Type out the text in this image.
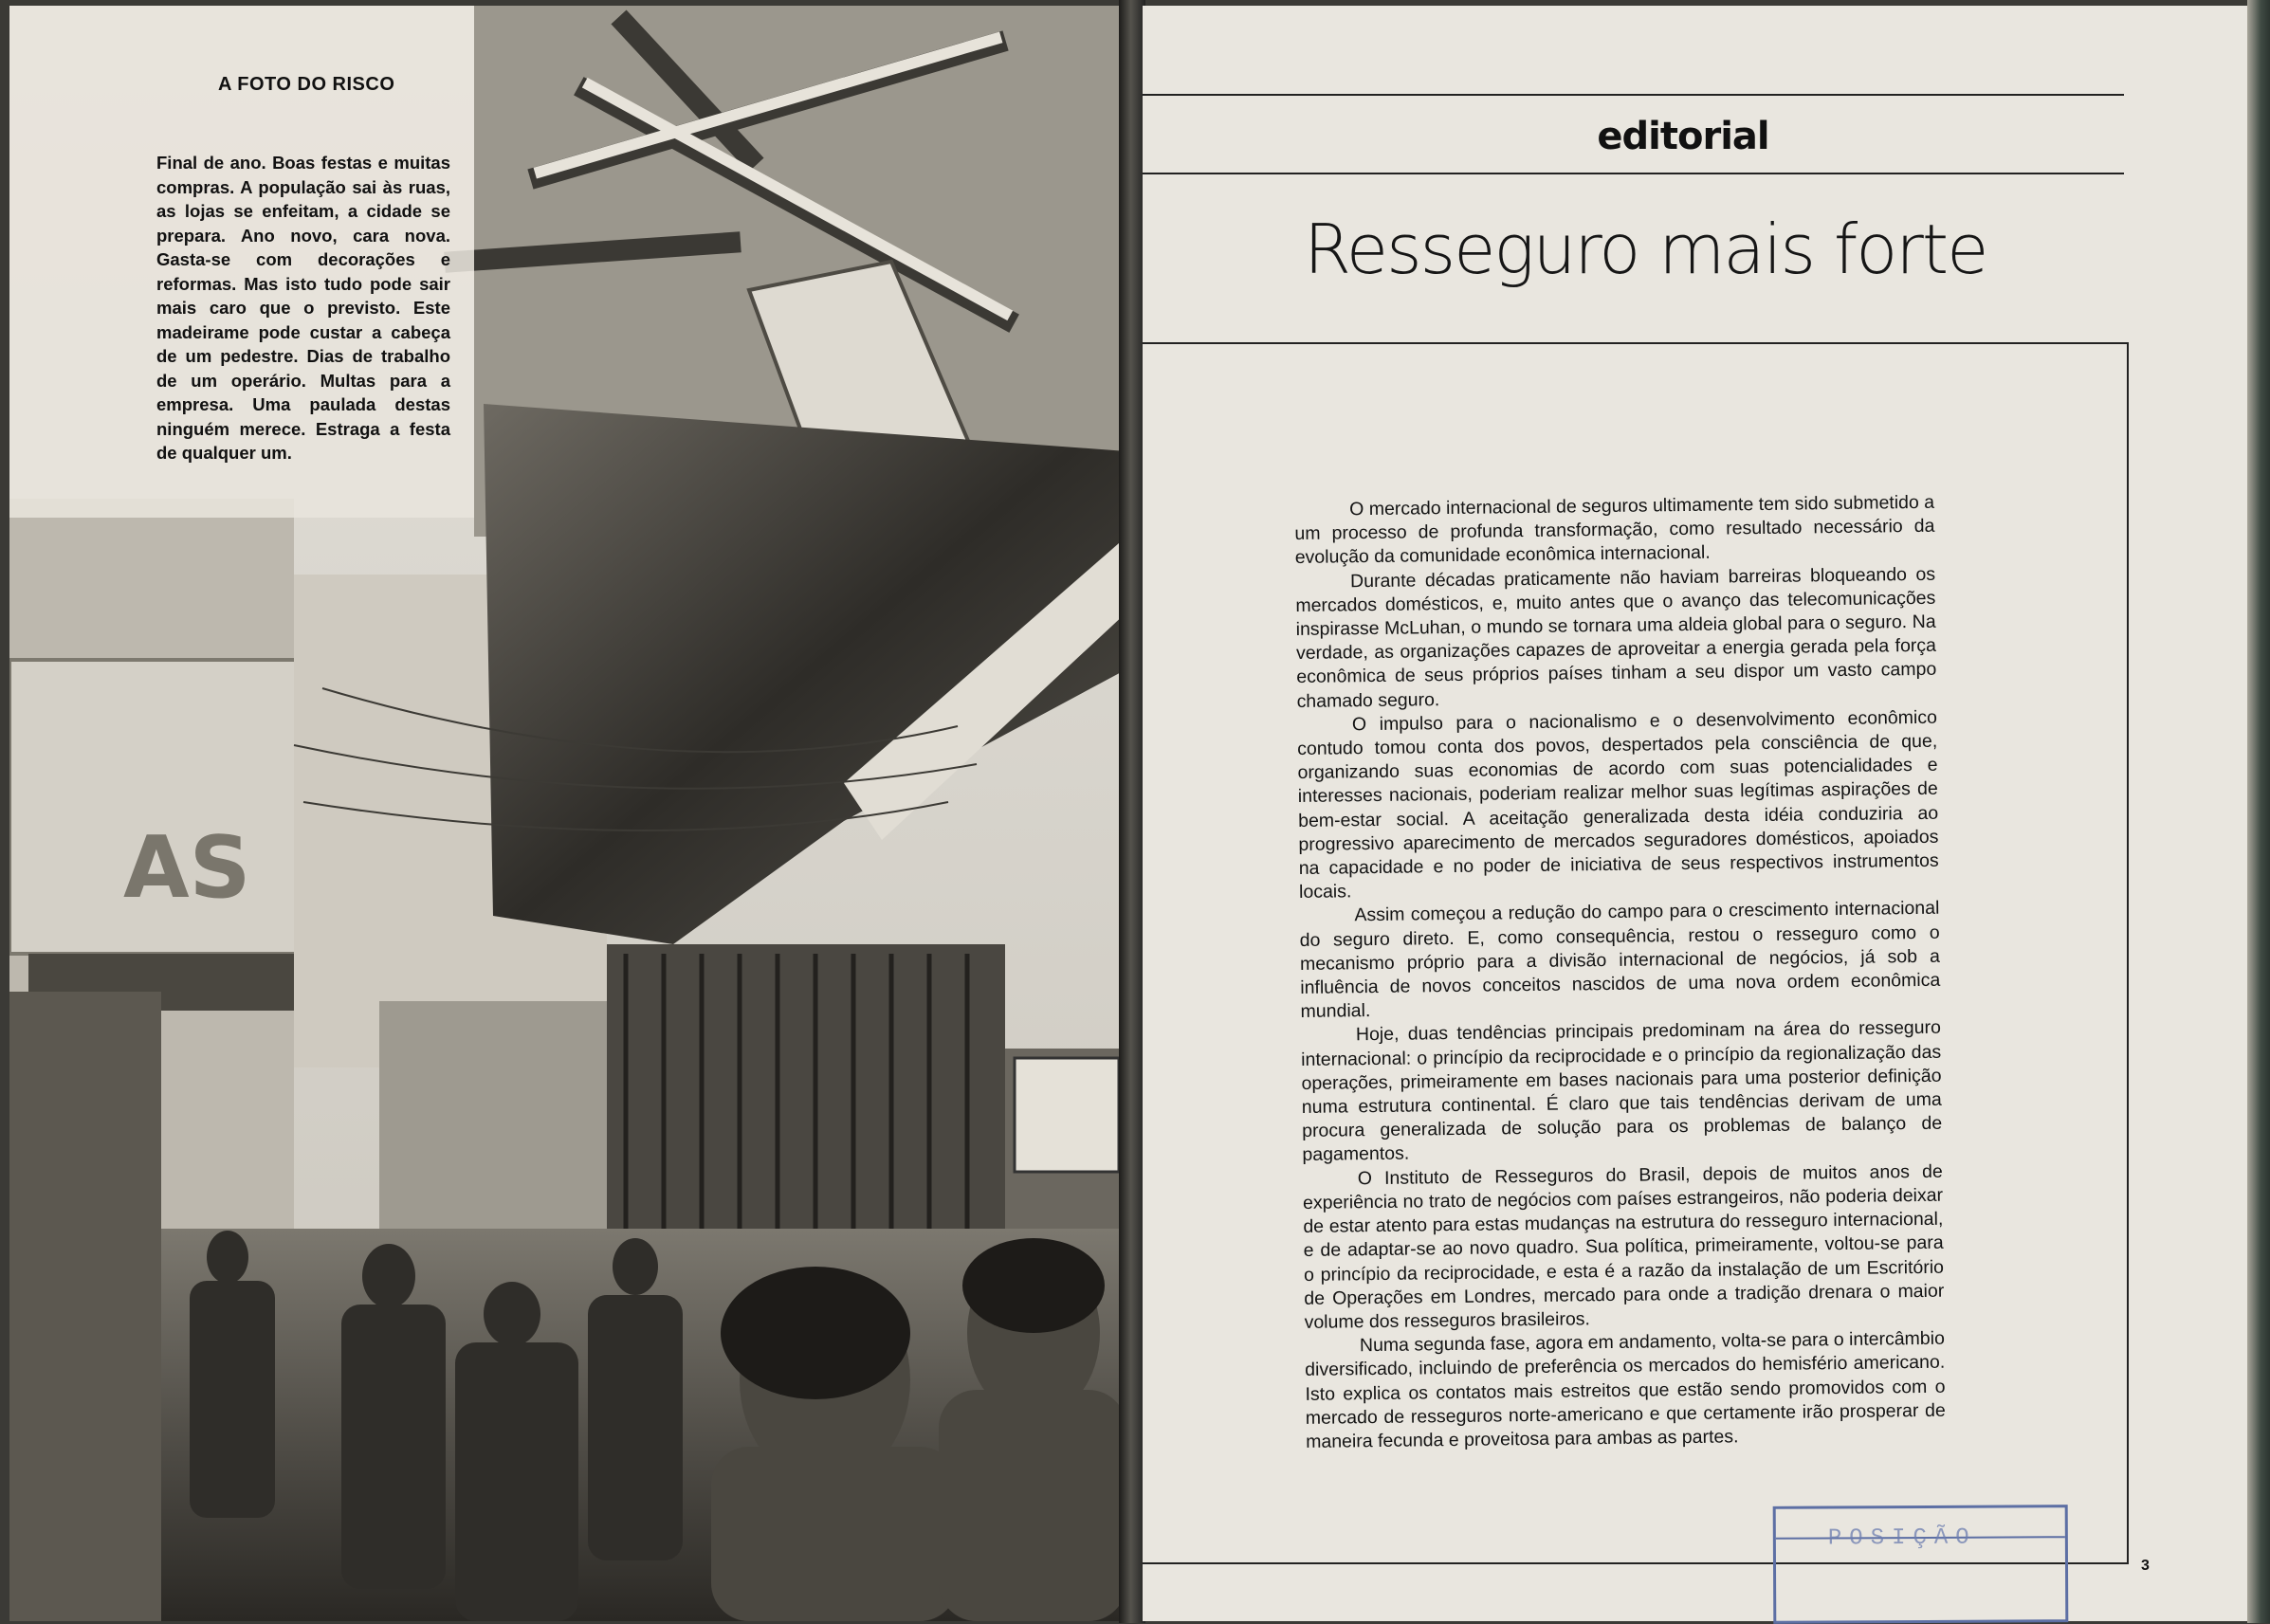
AS
A FOTO DO RISCO

Final de ano. Boas festas e muitas compras. A população sai às ruas, as lojas se enfeitam, a cidade se prepara. Ano novo, cara nova. Gasta-se com decorações e reformas. Mas isto tudo pode sair mais caro que o previsto. Este madeirame pode custar a cabeça de um pedestre. Dias de trabalho de um operário. Multas para a empresa. Uma paulada destas ninguém merece. Estraga a festa de qualquer um.

editorial
Resseguro mais forte

O mercado internacional de seguros ultimamente tem sido submetido a um processo de profunda transformação, como resultado necessário da evolução da comunidade econômica internacional.

Durante décadas praticamente não haviam barreiras bloqueando os mercados domésticos, e, muito antes que o avanço das telecomunicações inspirasse McLuhan, o mundo se tornara uma aldeia global para o seguro. Na verdade, as organizações capazes de aproveitar a energia gerada pela força econômica de seus próprios países tinham a seu dispor um vasto campo chamado seguro.

O impulso para o nacionalismo e o desenvolvimento econômico contudo tomou conta dos povos, despertados pela consciência de que, organizando suas economias de acordo com suas potencialidades e interesses nacionais, poderiam realizar melhor suas legítimas aspirações de bem-estar social. A aceitação generalizada desta idéia conduziria ao progressivo aparecimento de mercados seguradores domésticos, apoiados na capacidade e no poder de iniciativa de seus respectivos instrumentos locais.

Assim começou a redução do campo para o crescimento internacional do seguro direto. E, como consequência, restou o resseguro como o mecanismo próprio para a divisão internacional de negócios, já sob a influência de novos conceitos nascidos de uma nova ordem econômica mundial.

Hoje, duas tendências principais predominam na área do resseguro internacional: o princípio da reciprocidade e o princípio da regionalização das operações, primeiramente em bases nacionais para uma posterior definição numa estrutura continental. É claro que tais tendências derivam de uma procura generalizada de solução para os problemas de balanço de pagamentos.

O Instituto de Resseguros do Brasil, depois de muitos anos de experiência no trato de negócios com países estrangeiros, não poderia deixar de estar atento para estas mudanças na estrutura do resseguro internacional, e de adaptar-se ao novo quadro. Sua política, primeiramente, voltou-se para o princípio da reciprocidade, e esta é a razão da instalação de um Escritório de Operações em Londres, mercado para onde a tradição drenara o maior volume dos resseguros brasileiros.

Numa segunda fase, agora em andamento, volta-se para o intercâmbio diversificado, incluindo de preferência os mercados do hemisfério americano. Isto explica os contatos mais estreitos que estão sendo promovidos com o mercado de resseguros norte-americano e que certamente irão prosperar de maneira fecunda e proveitosa para ambas as partes.

POSIÇÃO
3
